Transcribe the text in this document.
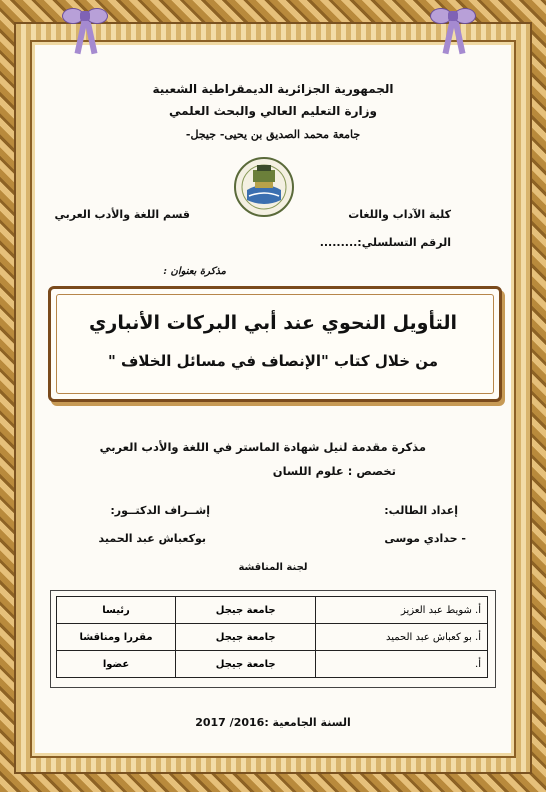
الجمهورية الجزائرية الديمقراطية الشعبية
وزارة التعليم العالي والبحث العلمي
جامعة محمد الصديق بن يحيى- جيجل-
كلية الآداب واللغات
قسم اللغة والأدب العربي
الرقم التسلسلي:.........
مذكرة بعنوان :
التأويل النحوي عند أبي البركات الأنباري
من خلال كتاب "الإنصاف في مسائل الخلاف "
مذكرة مقدمة لنيل شهادة الماستر في اللغة والأدب العربي
تخصص : علوم اللسان
إعداد الطالب:
إشــراف الدكتــور:
- حدادي موسى
بوكعباش عبد الحميد
لجنة المناقشة
أ. شويط عبد العزيز	جامعة جيجل	رئيسا
أ. بو كعباش عبد الحميد	جامعة جيجل	مقررا ومناقشا
أ.	جامعة جيجل	عضوا
السنة الجامعية :2016/ 2017
